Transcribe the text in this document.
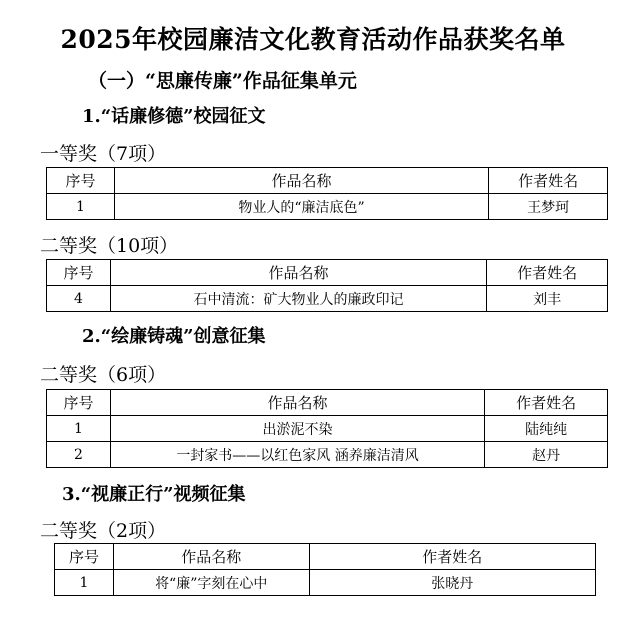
2025年校园廉洁文化教育活动作品获奖名单
（一）“思廉传廉”作品征集单元
1.“话廉修德”校园征文
一等奖（7项）
序号	作品名称	作者姓名
1	物业人的“廉洁底色”	王梦珂
二等奖（10项）
序号	作品名称	作者姓名
4	石中清流：矿大物业人的廉政印记	刘丰
2.“绘廉铸魂”创意征集
二等奖（6项）
序号	作品名称	作者姓名
1	出淤泥不染	陆纯纯
2	一封家书——以红色家风 涵养廉洁清风	赵丹
3.“视廉正行”视频征集
二等奖（2项）
序号	作品名称	作者姓名
1	将“廉”字刻在心中	张晓丹
